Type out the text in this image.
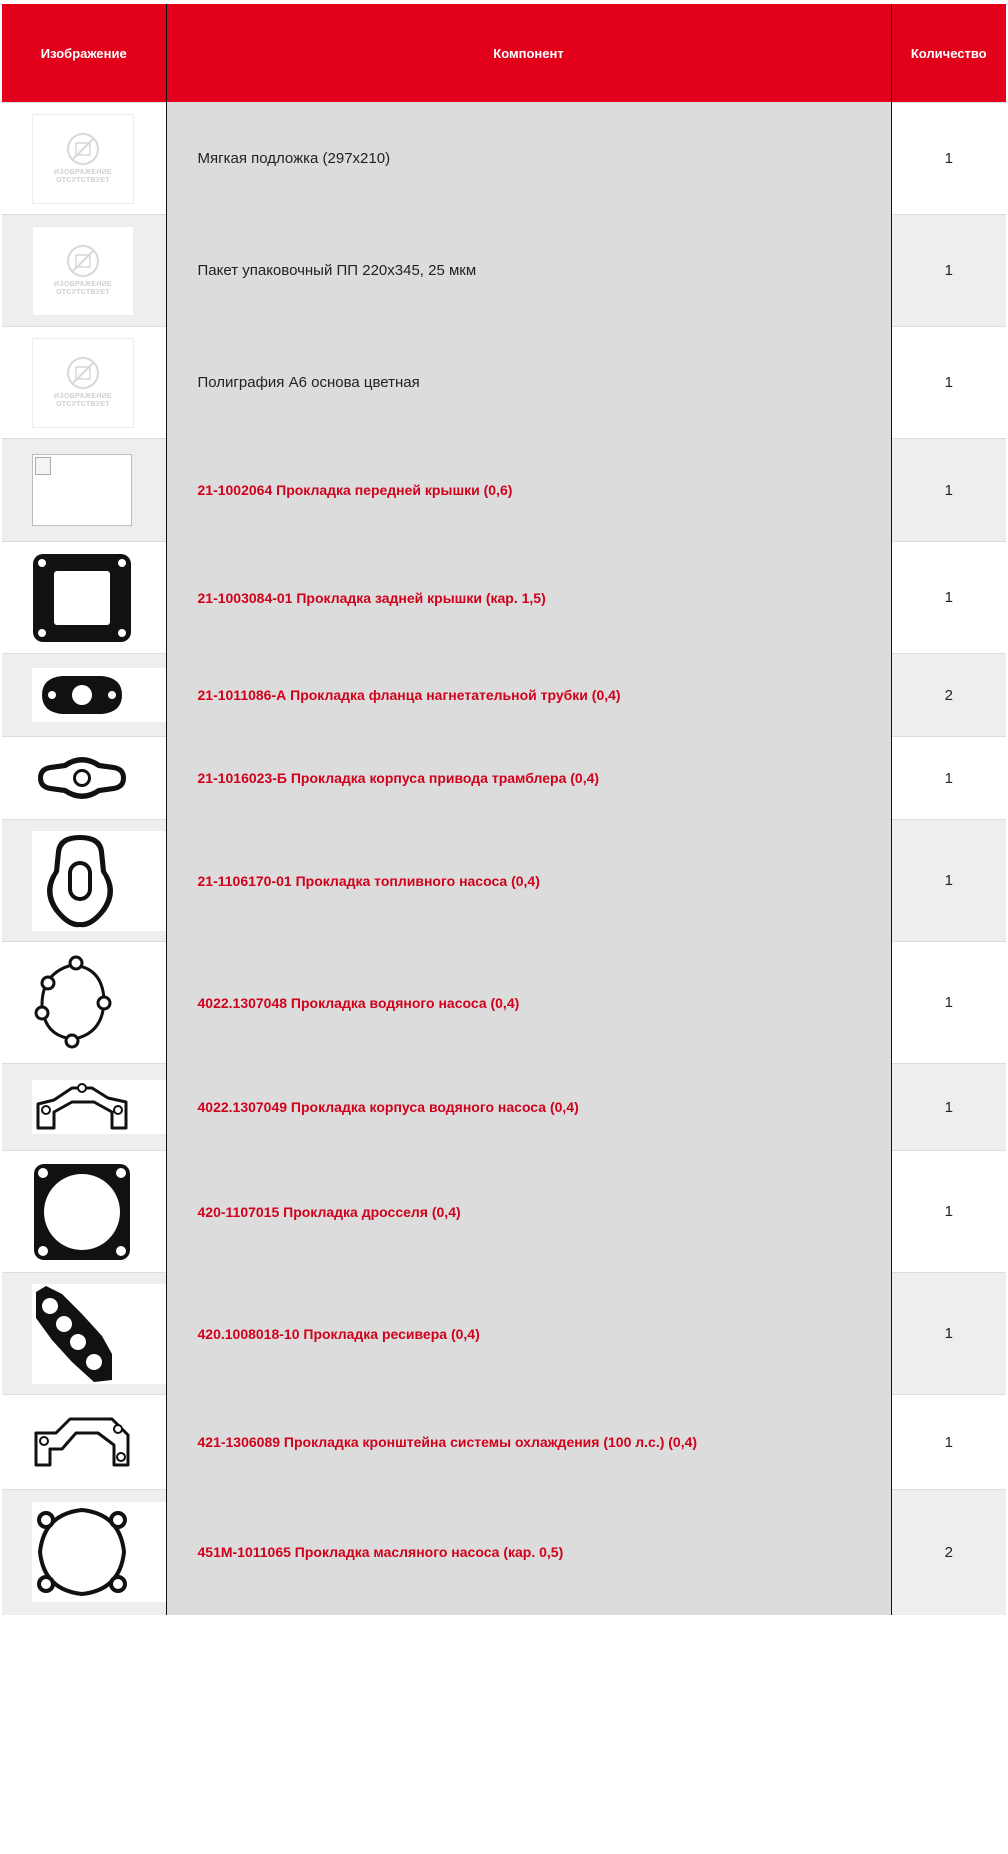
Изображение	Компонент	Количество

ИЗОБРАЖЕНИЕ ОТСУТСТВУЕТ	Мягкая подложка (297x210)	1

ИЗОБРАЖЕНИЕ ОТСУТСТВУЕТ	Пакет упаковочный ПП 220х345, 25 мкм	1

ИЗОБРАЖЕНИЕ ОТСУТСТВУЕТ	Полиграфия А6 основа цветная	1

	21-1002064 Прокладка передней крышки (0,6)	1

	21-1003084-01 Прокладка задней крышки (кар. 1,5)	1

	21-1011086-А Прокладка фланца нагнетательной трубки (0,4)	2

	21-1016023-Б Прокладка корпуса привода трамблера (0,4)	1

	21-1106170-01 Прокладка топливного насоса (0,4)	1

	4022.1307048 Прокладка водяного насоса (0,4)	1

	4022.1307049 Прокладка корпуса водяного насоса (0,4)	1

	420-1107015 Прокладка дросселя (0,4)	1

	420.1008018-10 Прокладка ресивера (0,4)	1

	421-1306089 Прокладка кронштейна системы охлаждения (100 л.с.) (0,4)	1

	451М-1011065 Прокладка масляного насоса (кар. 0,5)	2
